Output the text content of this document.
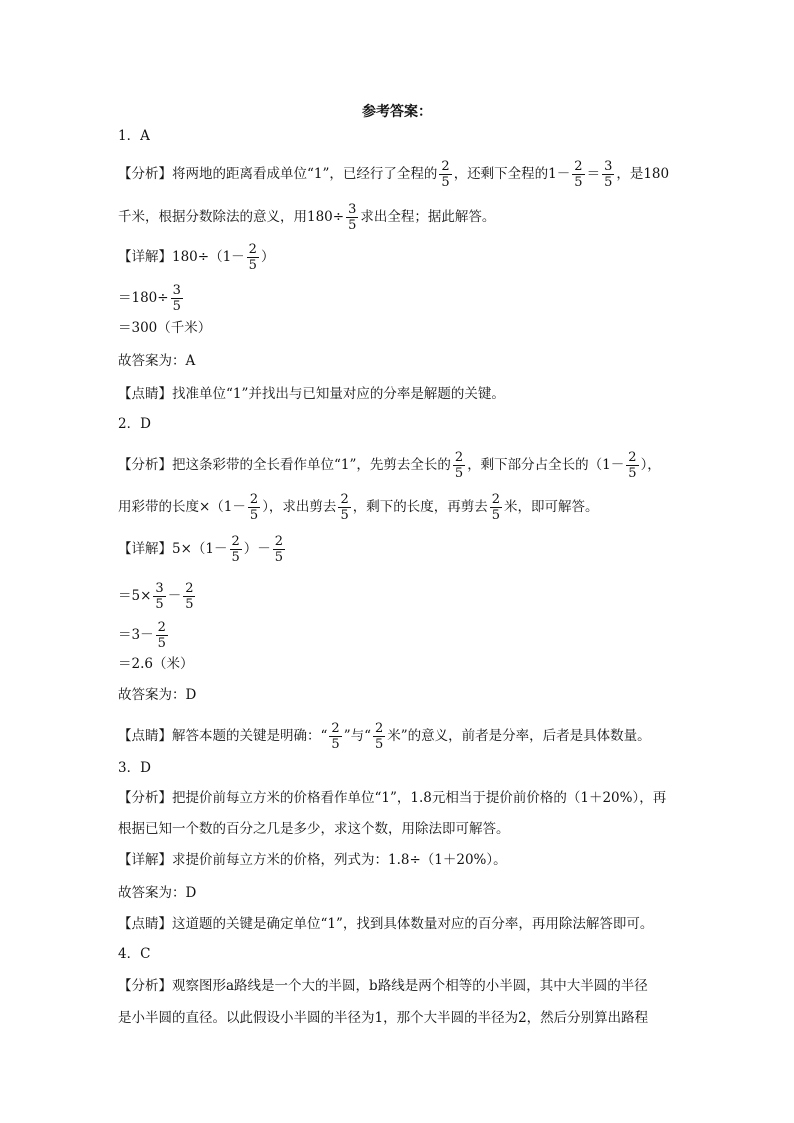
参考答案：
1．A
【分析】将两地的距离看成单位“1”，已经行了全程的 $\frac{2}{5}$ ，还剩下全程的$1- \frac{2}{5} = \frac{3}{5}$ ，是180
千米，根据分数除法的意义，用$180\div \frac{3}{5}$ 求出全程；据此解答。
【详解】$180\div(1- \frac{2}{5}$ ）
$=180\div \frac{3}{5}$
＝300（千米）
故答案为：A
【点睛】找准单位“1”并找出与已知量对应的分率是解题的关键。
2．D
【分析】把这条彩带的全长看作单位“1”，先剪去全长的 $\frac{2}{5}$ ，剩下部分占全长的（$1- \frac{2}{5}$ ），
用彩带的长度$\times(1- \frac{2}{5}$ ），求出剪去 $\frac{2}{5}$ ，剩下的长度，再剪去 $\frac{2}{5}$ 米，即可解答。
【详解】$5\times(1- \frac{2}{5}$ ）－ $\frac{2}{5}$
$=5\times \frac{3}{5} - \frac{2}{5}$
$=3- \frac{2}{5}$
＝2.6（米）
故答案为：D
【点睛】解答本题的关键是明确：“ $\frac{2}{5}$ ”与“ $\frac{2}{5}$ 米”的意义，前者是分率，后者是具体数量。
3．D
【分析】把提价前每立方米的价格看作单位“1”，1.8元相当于提价前价格的（1＋20%），再
根据已知一个数的百分之几是多少，求这个数，用除法即可解答。
【详解】求提价前每立方米的价格，列式为：1.8÷（1＋20%）。
故答案为：D
【点睛】这道题的关键是确定单位“1”，找到具体数量对应的百分率，再用除法解答即可。
4．C
【分析】观察图形a路线是一个大的半圆，b路线是两个相等的小半圆，其中大半圆的半径
是小半圆的直径。以此假设小半圆的半径为1，那个大半圆的半径为2，然后分别算出路程
